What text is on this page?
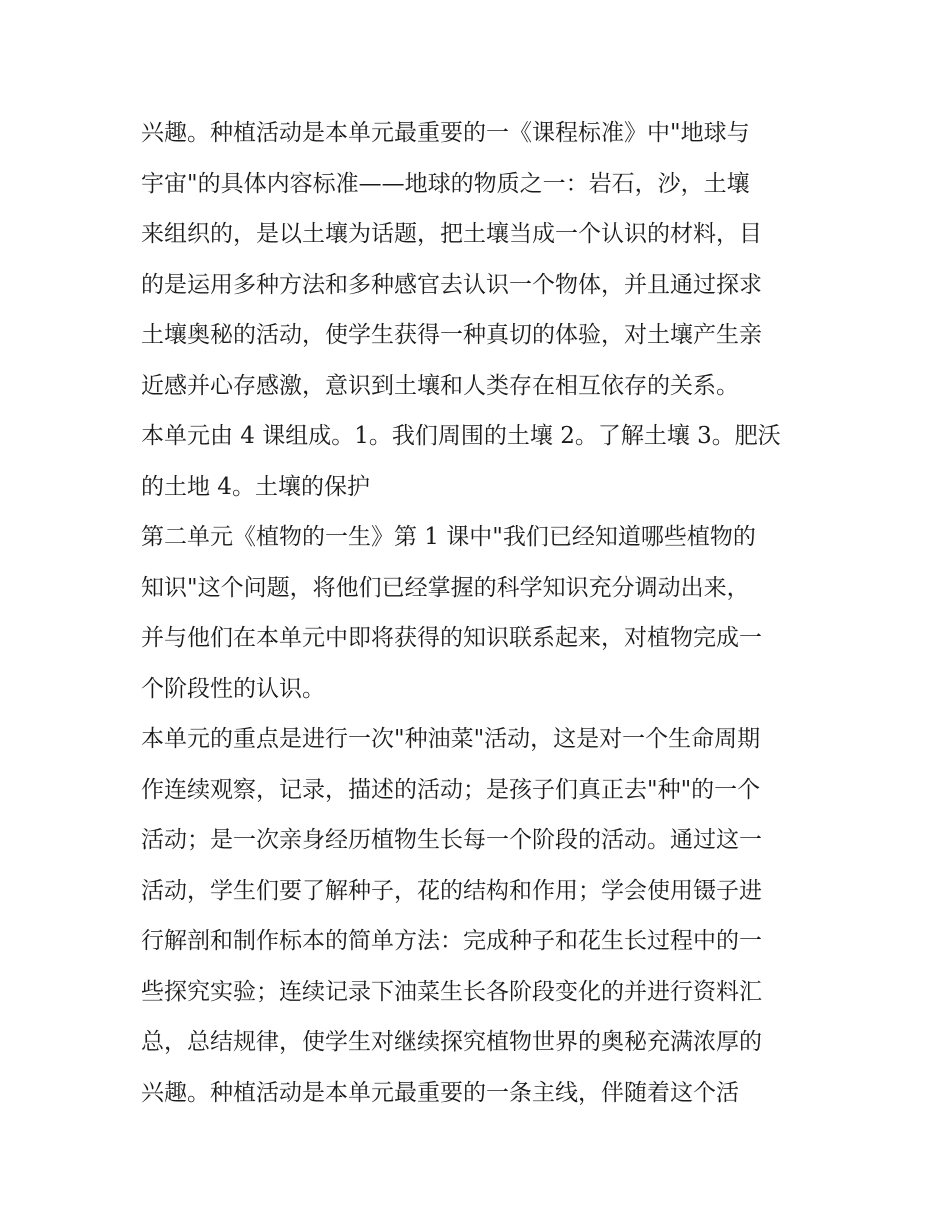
兴趣。种植活动是本单元最重要的一《课程标准》中"地球与
宇宙"的具体内容标准——地球的物质之一：岩石，沙，土壤
来组织的，是以土壤为话题，把土壤当成一个认识的材料，目
的是运用多种方法和多种感官去认识一个物体，并且通过探求
土壤奥秘的活动，使学生获得一种真切的体验，对土壤产生亲
近感并心存感激，意识到土壤和人类存在相互依存的关系。
本单元由 4 课组成。1。我们周围的土壤 2。了解土壤 3。肥沃
的土地 4。土壤的保护
第二单元《植物的一生》第 1 课中"我们已经知道哪些植物的
知识"这个问题，将他们已经掌握的科学知识充分调动出来，
并与他们在本单元中即将获得的知识联系起来，对植物完成一
个阶段性的认识。
本单元的重点是进行一次"种油菜"活动，这是对一个生命周期
作连续观察，记录，描述的活动；是孩子们真正去"种"的一个
活动；是一次亲身经历植物生长每一个阶段的活动。通过这一
活动，学生们要了解种子，花的结构和作用；学会使用镊子进
行解剖和制作标本的简单方法：完成种子和花生长过程中的一
些探究实验；连续记录下油菜生长各阶段变化的并进行资料汇
总，总结规律，使学生对继续探究植物世界的奥秘充满浓厚的
兴趣。种植活动是本单元最重要的一条主线，伴随着这个活
